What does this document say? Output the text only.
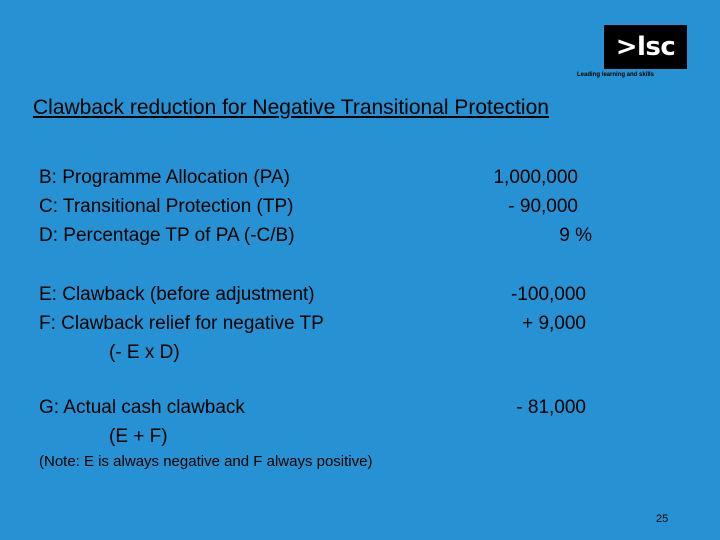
>lsc
Leading learning and skills
Clawback reduction for Negative Transitional Protection
B: Programme Allocation (PA)
C: Transitional Protection (TP)
D: Percentage TP of PA (-C/B)
1,000,000
- 90,000
9 %
E: Clawback (before adjustment)
F: Clawback relief for negative TP
(- E x D)
-100,000
+ 9,000
G: Actual cash clawback
(E + F)
- 81,000
(Note: E is always negative and F always positive)
25
